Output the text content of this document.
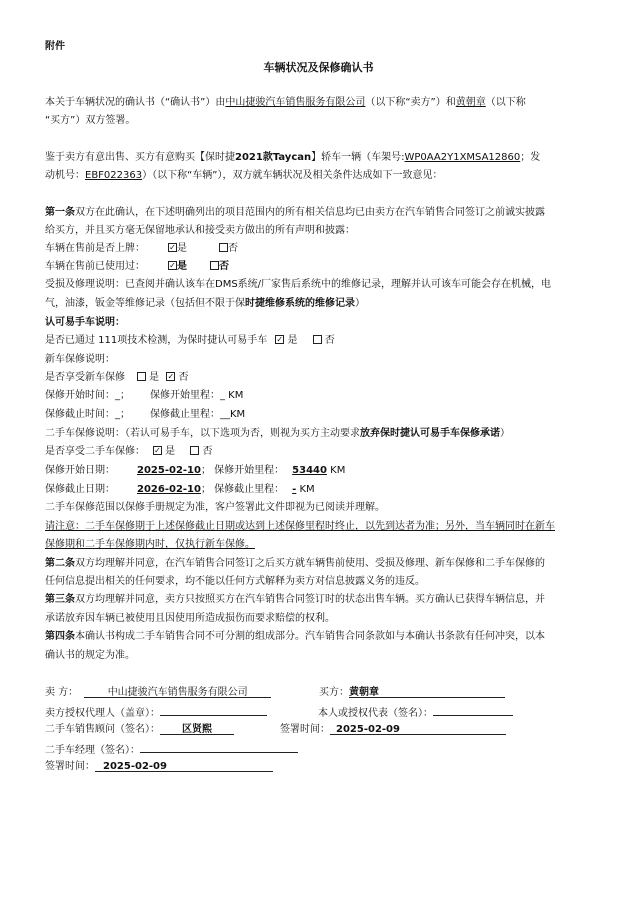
附件
车辆状况及保修确认书
本关于车辆状况的确认书（“确认书”）由中山捷骏汽车销售服务有限公司（以下称“卖方”）和黄朝章（以下称
“买方”）双方签署。
鉴于卖方有意出售、买方有意购买【保时捷2021款Taycan】轿车一辆（车架号:WP0AA2Y1XMSA12860；发
动机号：EBF022363）（以下称“车辆”），双方就车辆状况及相关条件达成如下一致意见：
第一条双方在此确认，在下述明确列出的项目范围内的所有相关信息均已由卖方在汽车销售合同签订之前诚实披露
给买方，并且买方毫无保留地承认和接受卖方做出的所有声明和披露：
车辆在售前是否上牌：	✓是	否
车辆在售前已使用过：	✓是	否
受损及修理说明：已查阅并确认该车在DMS系统/厂家售后系统中的维修记录，理解并认可该车可能会存在机械，电
气，油漆，钣金等维修记录（包括但不限于保时捷维修系统的维修记录）
认可易手车说明：
是否已通过 111项技术检测，为保时捷认可易手车 ✓ 是  否
新车保修说明：
是否享受新车保修 是 ✓ 否
保修开始时间：_； 保修开始里程：_ KM
保修截止时间：_； 保修截止里程：__KM
二手车保修说明：（若认可易手车，以下选项为否，则视为买方主动要求放弃保时捷认可易手车保修承诺）
是否享受二手车保修： ✓ 是  否
保修开始日期： 2025-02-10； 保修开始里程： 53440 KM
保修截止日期： 2026-02-10； 保修截止里程： - KM
二手车保修范围以保修手册规定为准，客户签署此文件即视为已阅读并理解。
请注意：二手车保修期于上述保修截止日期或达到上述保修里程时终止，以先到达者为准；另外，当车辆同时在新车
保修期和二手车保修期内时，仅执行新车保修。
第二条双方均理解并同意，在汽车销售合同签订之后买方就车辆售前使用、受损及修理、新车保修和二手车保修的
任何信息提出相关的任何要求，均不能以任何方式解释为卖方对信息披露义务的违反。
第三条双方均理解并同意，卖方只按照买方在汽车销售合同签订时的状态出售车辆。买方确认已获得车辆信息，并
承诺放弃因车辆已被使用且因使用所造成损伤而要求赔偿的权利。
第四条本确认书构成二手车销售合同不可分割的组成部分。汽车销售合同条款如与本确认书条款有任何冲突，以本
确认书的规定为准。
卖 方：	中山捷骏汽车销售服务有限公司	买方：黄朝章
卖方授权代理人（盖章）：	本人或授权代表（签名）：
二手车销售顾问（签名）： 区贤熙	签署时间： 2025-02-09
二手车经理（签名）：
签署时间： 2025-02-09
